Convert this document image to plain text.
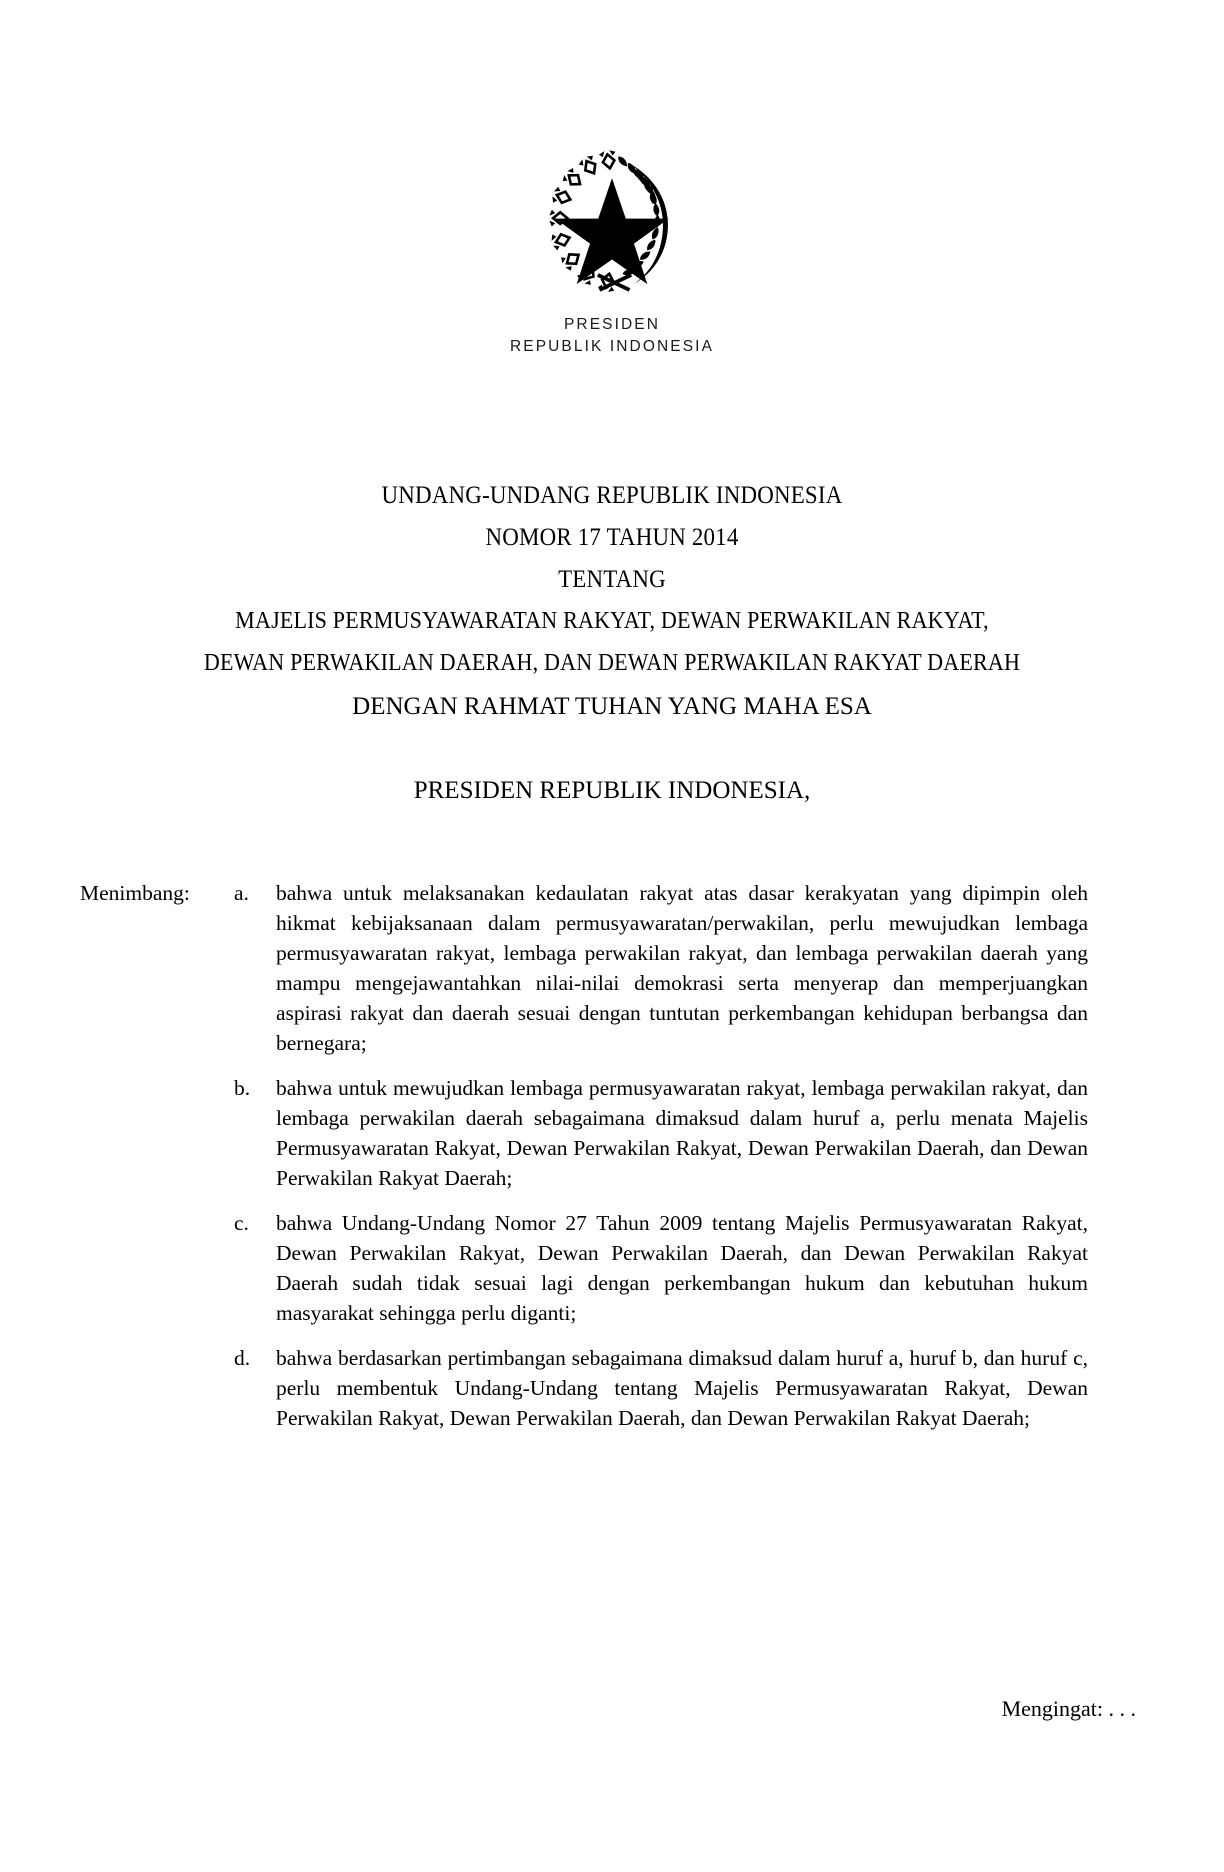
PRESIDEN
REPUBLIK INDONESIA
UNDANG-UNDANG REPUBLIK INDONESIA
NOMOR 17 TAHUN 2014
TENTANG
MAJELIS PERMUSYAWARATAN RAKYAT, DEWAN PERWAKILAN RAKYAT,
DEWAN PERWAKILAN DAERAH, DAN DEWAN PERWAKILAN RAKYAT DAERAH
DENGAN RAHMAT TUHAN YANG MAHA ESA
PRESIDEN REPUBLIK INDONESIA,
Menimbang:	a.	bahwa untuk melaksanakan kedaulatan rakyat atas dasar kerakyatan yang dipimpin oleh hikmat kebijaksanaan dalam permusyawaratan/perwakilan, perlu mewujudkan lembaga permusyawaratan rakyat, lembaga perwakilan rakyat, dan lembaga perwakilan daerah yang mampu mengejawantahkan nilai-nilai demokrasi serta menyerap dan memperjuangkan aspirasi rakyat dan daerah sesuai dengan tuntutan perkembangan kehidupan berbangsa dan bernegara;
b.	bahwa untuk mewujudkan lembaga permusyawaratan rakyat, lembaga perwakilan rakyat, dan lembaga perwakilan daerah sebagaimana dimaksud dalam huruf a, perlu menata Majelis Permusyawaratan Rakyat, Dewan Perwakilan Rakyat, Dewan Perwakilan Daerah, dan Dewan Perwakilan Rakyat Daerah;
c.	bahwa Undang-Undang Nomor 27 Tahun 2009 tentang Majelis Permusyawaratan Rakyat, Dewan Perwakilan Rakyat, Dewan Perwakilan Daerah, dan Dewan Perwakilan Rakyat Daerah sudah tidak sesuai lagi dengan perkembangan hukum dan kebutuhan hukum masyarakat sehingga perlu diganti;
d.	bahwa berdasarkan pertimbangan sebagaimana dimaksud dalam huruf a, huruf b, dan huruf c, perlu membentuk Undang-Undang tentang Majelis Permusyawaratan Rakyat, Dewan Perwakilan Rakyat, Dewan Perwakilan Daerah, dan Dewan Perwakilan Rakyat Daerah;
Mengingat: . . .
